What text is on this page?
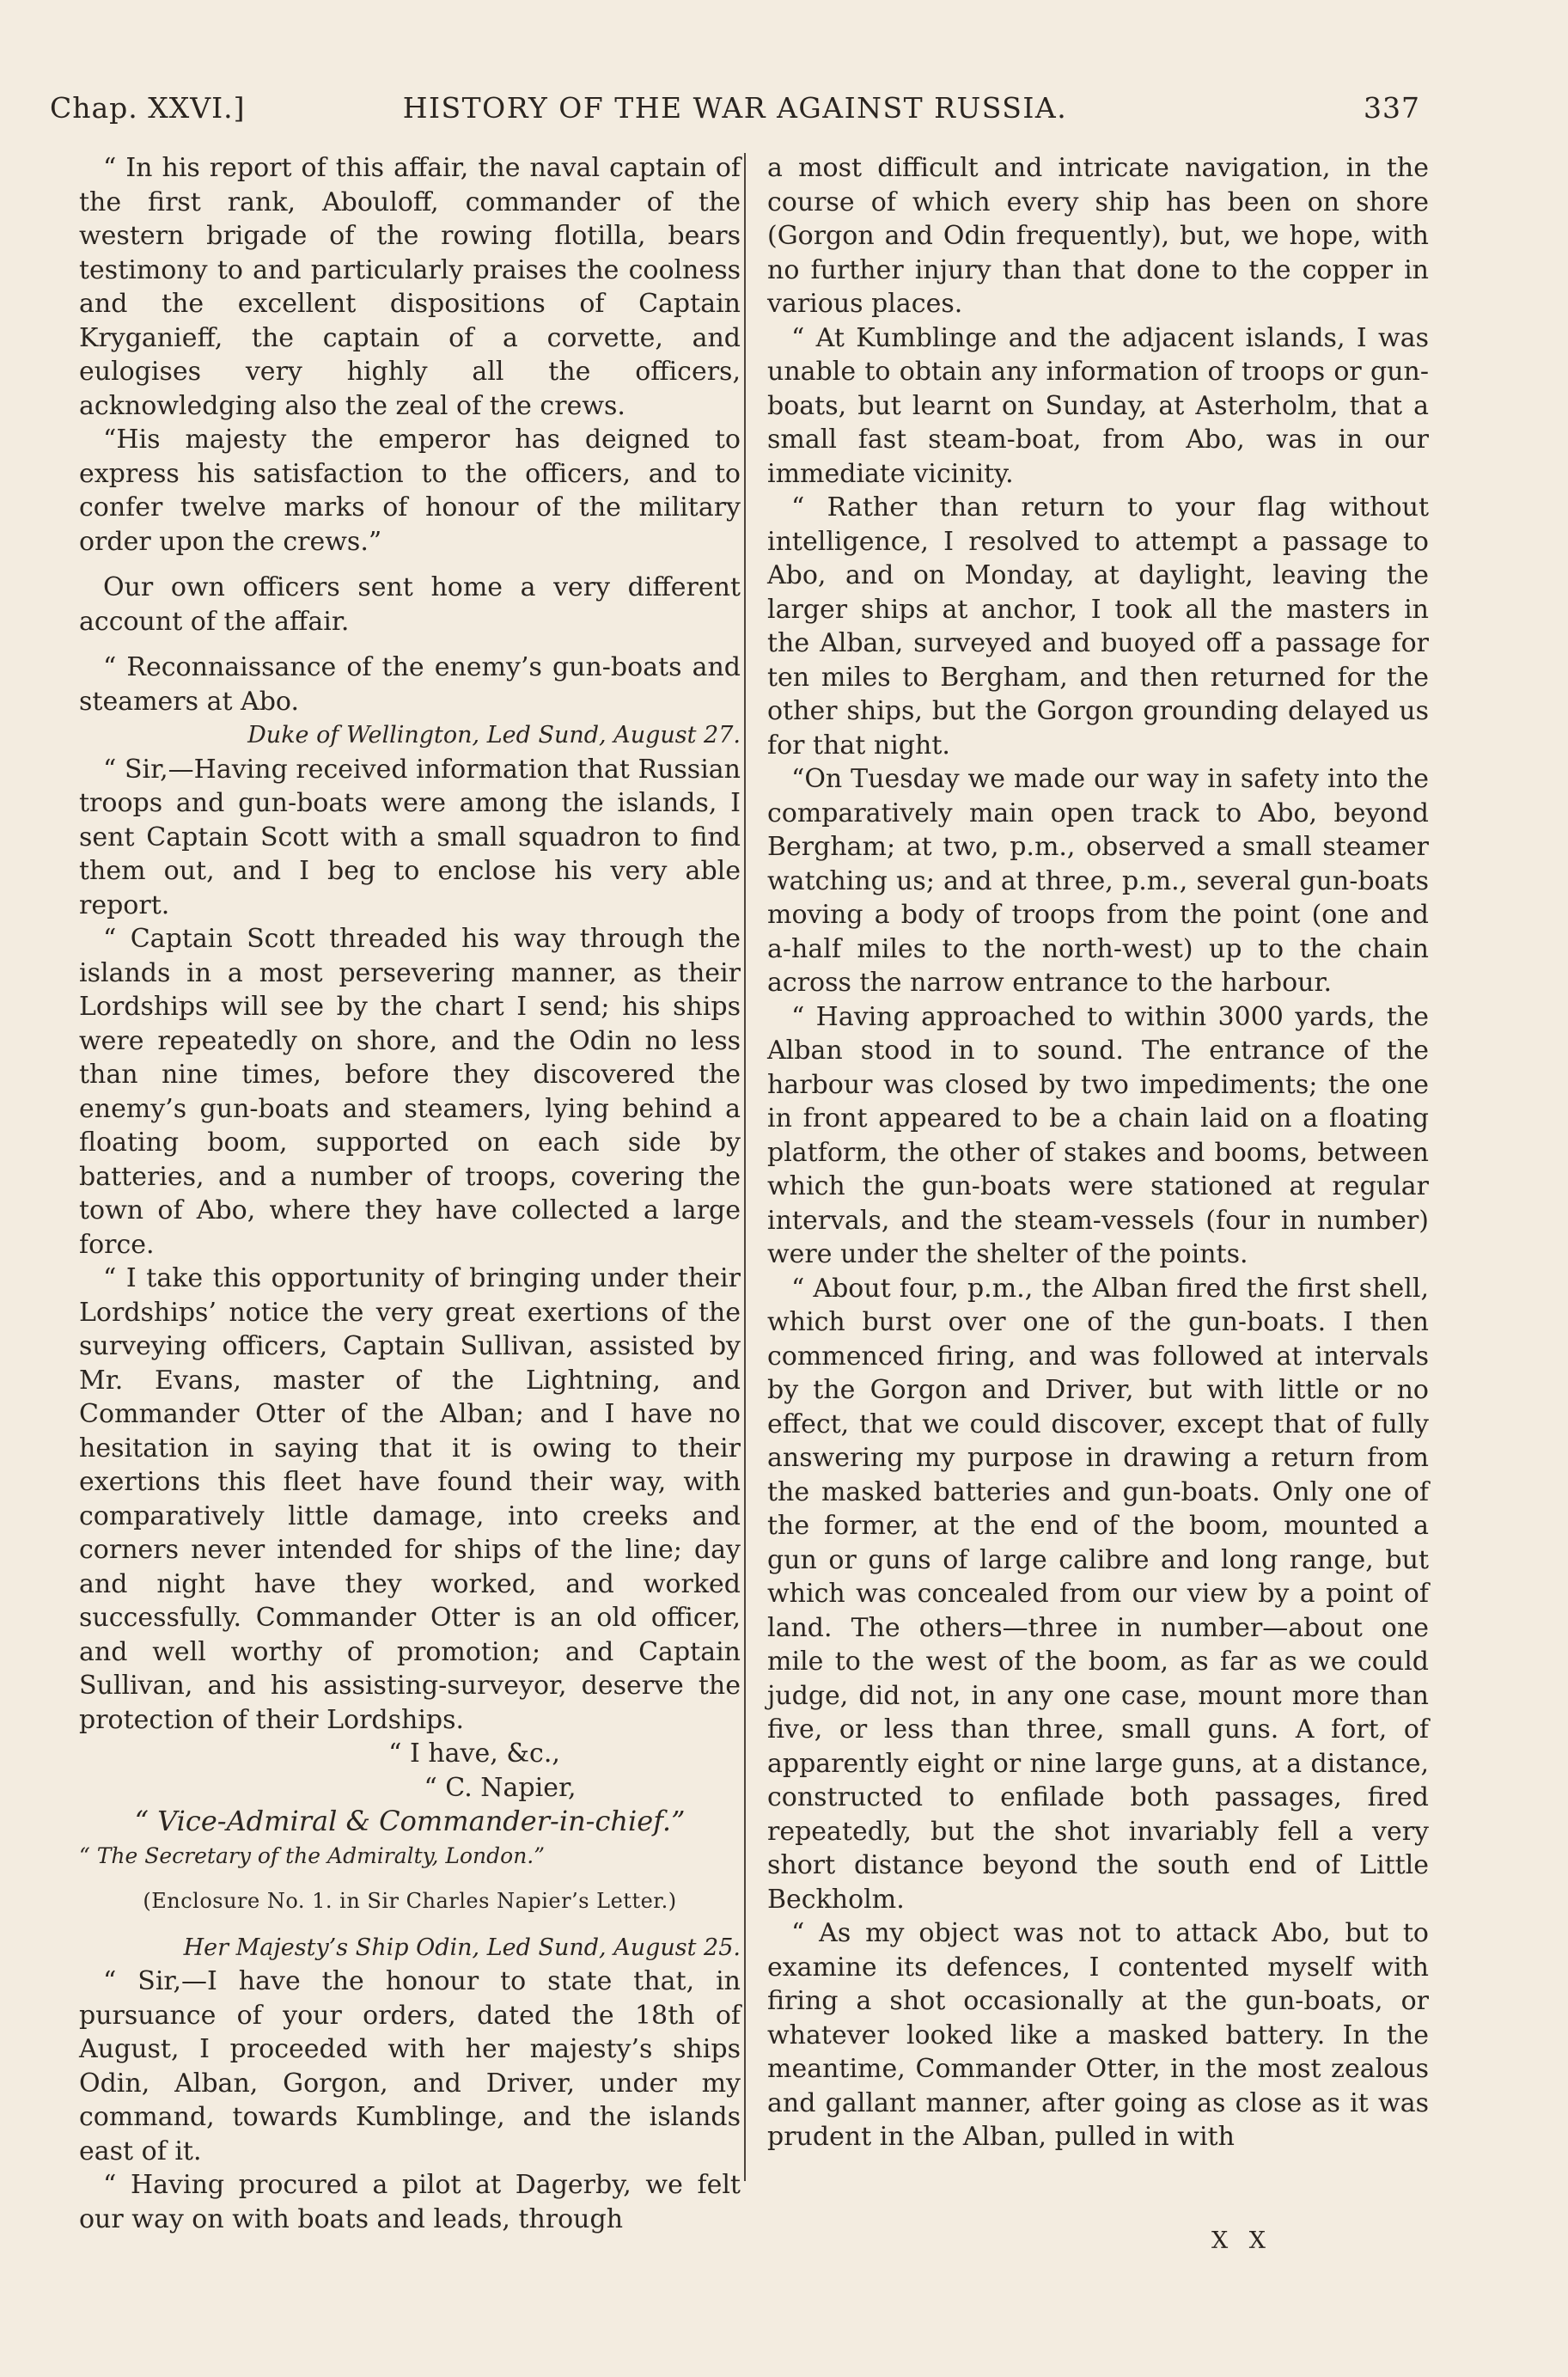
Chap. XXVI.]	HISTORY OF THE WAR AGAINST RUSSIA.	337

“ In his report of this affair, the naval captain of the first rank, Abouloff, commander of the western brigade of the rowing flotilla, bears testimony to and particularly praises the coolness and the excellent dispositions of Captain Kryganieff, the captain of a corvette, and eulogises very highly all the officers, acknowledging also the zeal of the crews.

“His majesty the emperor has deigned to express his satisfaction to the officers, and to confer twelve marks of honour of the military order upon the crews.”

Our own officers sent home a very different account of the affair.

“ Reconnaissance of the enemy’s gun-boats and steamers at Abo.

Duke of Wellington, Led Sund, August 27.

“ Sir,—Having received information that Russian troops and gun-boats were among the islands, I sent Captain Scott with a small squadron to find them out, and I beg to enclose his very able report.

“ Captain Scott threaded his way through the islands in a most persevering manner, as their Lordships will see by the chart I send; his ships were repeatedly on shore, and the Odin no less than nine times, before they discovered the enemy’s gun-boats and steamers, lying behind a floating boom, supported on each side by batteries, and a number of troops, covering the town of Abo, where they have collected a large force.

“ I take this opportunity of bringing under their Lordships’ notice the very great exertions of the surveying officers, Captain Sullivan, assisted by Mr. Evans, master of the Lightning, and Commander Otter of the Alban; and I have no hesitation in saying that it is owing to their exertions this fleet have found their way, with comparatively little damage, into creeks and corners never intended for ships of the line; day and night have they worked, and worked successfully. Commander Otter is an old officer, and well worthy of promotion; and Captain Sullivan, and his assisting-surveyor, deserve the protection of their Lordships.

“ I have, &c.,

“ C. Napier,

“ Vice-Admiral & Commander-in-chief.”

“ The Secretary of the Admiralty, London.”

(Enclosure No. 1. in Sir Charles Napier’s Letter.)

Her Majesty’s Ship Odin, Led Sund, August 25.

“ Sir,—I have the honour to state that, in pursuance of your orders, dated the 18th of August, I proceeded with her majesty’s ships Odin, Alban, Gorgon, and Driver, under my command, towards Kumblinge, and the islands east of it.

“ Having procured a pilot at Dagerby, we felt our way on with boats and leads, through

a most difficult and intricate navigation, in the course of which every ship has been on shore (Gorgon and Odin frequently), but, we hope, with no further injury than that done to the copper in various places.

“ At Kumblinge and the adjacent islands, I was unable to obtain any information of troops or gun-boats, but learnt on Sunday, at Asterholm, that a small fast steam-boat, from Abo, was in our immediate vicinity.

“ Rather than return to your flag without intelligence, I resolved to attempt a passage to Abo, and on Monday, at daylight, leaving the larger ships at anchor, I took all the masters in the Alban, surveyed and buoyed off a passage for ten miles to Bergham, and then returned for the other ships, but the Gorgon grounding delayed us for that night.

“On Tuesday we made our way in safety into the comparatively main open track to Abo, beyond Bergham; at two, p.m., observed a small steamer watching us; and at three, p.m., several gun-boats moving a body of troops from the point (one and a-half miles to the north-west) up to the chain across the narrow entrance to the harbour.

“ Having approached to within 3000 yards, the Alban stood in to sound. The entrance of the harbour was closed by two impediments; the one in front appeared to be a chain laid on a floating platform, the other of stakes and booms, between which the gun-boats were stationed at regular intervals, and the steam-vessels (four in number) were under the shelter of the points.

“ About four, p.m., the Alban fired the first shell, which burst over one of the gun-boats. I then commenced firing, and was followed at intervals by the Gorgon and Driver, but with little or no effect, that we could discover, except that of fully answering my purpose in drawing a return from the masked batteries and gun-boats. Only one of the former, at the end of the boom, mounted a gun or guns of large calibre and long range, but which was concealed from our view by a point of land. The others—three in number—about one mile to the west of the boom, as far as we could judge, did not, in any one case, mount more than five, or less than three, small guns. A fort, of apparently eight or nine large guns, at a distance, constructed to enfilade both passages, fired repeatedly, but the shot invariably fell a very short distance beyond the south end of Little Beckholm.

“ As my object was not to attack Abo, but to examine its defences, I contented myself with firing a shot occasionally at the gun-boats, or whatever looked like a masked battery. In the meantime, Commander Otter, in the most zealous and gallant manner, after going as close as it was prudent in the Alban, pulled in with

X X
